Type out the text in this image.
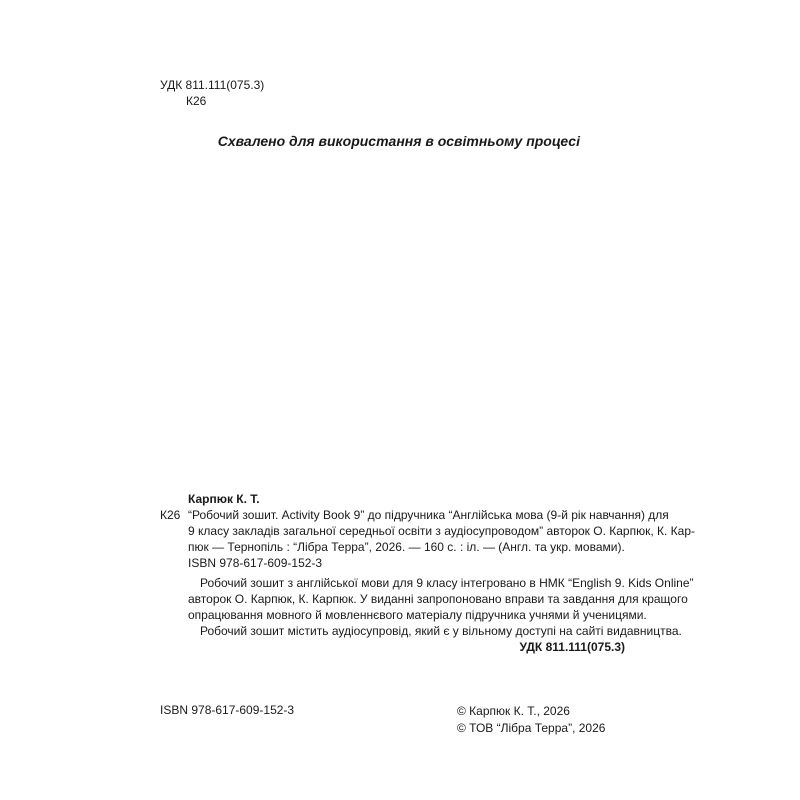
УДК 811.111(075.3)
К26
Схвалено для використання в освітньому процесі
К26
Карпюк К. Т.
“Робочий зошит. Activity Book 9” до підручника “Англійська мова (9-й рік навчання) для
9 класу закладів загальної середньої освіти з аудіосупроводом” авторок О. Карпюк, К. Кар-
пюк — Тернопіль : “Лібра Терра”, 2026. — 160 с. : іл. — (Англ. та укр. мовами).
ISBN 978-617-609-152-3
Робочий зошит з англійської мови для 9 класу інтегровано в НМК “English 9. Kids Online”
авторок О. Карпюк, К. Карпюк. У виданні запропоновано вправи та завдання для кращого
опрацювання мовного й мовленнєвого матеріалу підручника учнями й ученицями.
Робочий зошит містить аудіосупровід, який є у вільному доступі на сайті видавництва.
УДК 811.111(075.3)
ISBN 978-617-609-152-3	© Карпюк К. Т., 2026
© ТОВ “Лібра Терра”, 2026
